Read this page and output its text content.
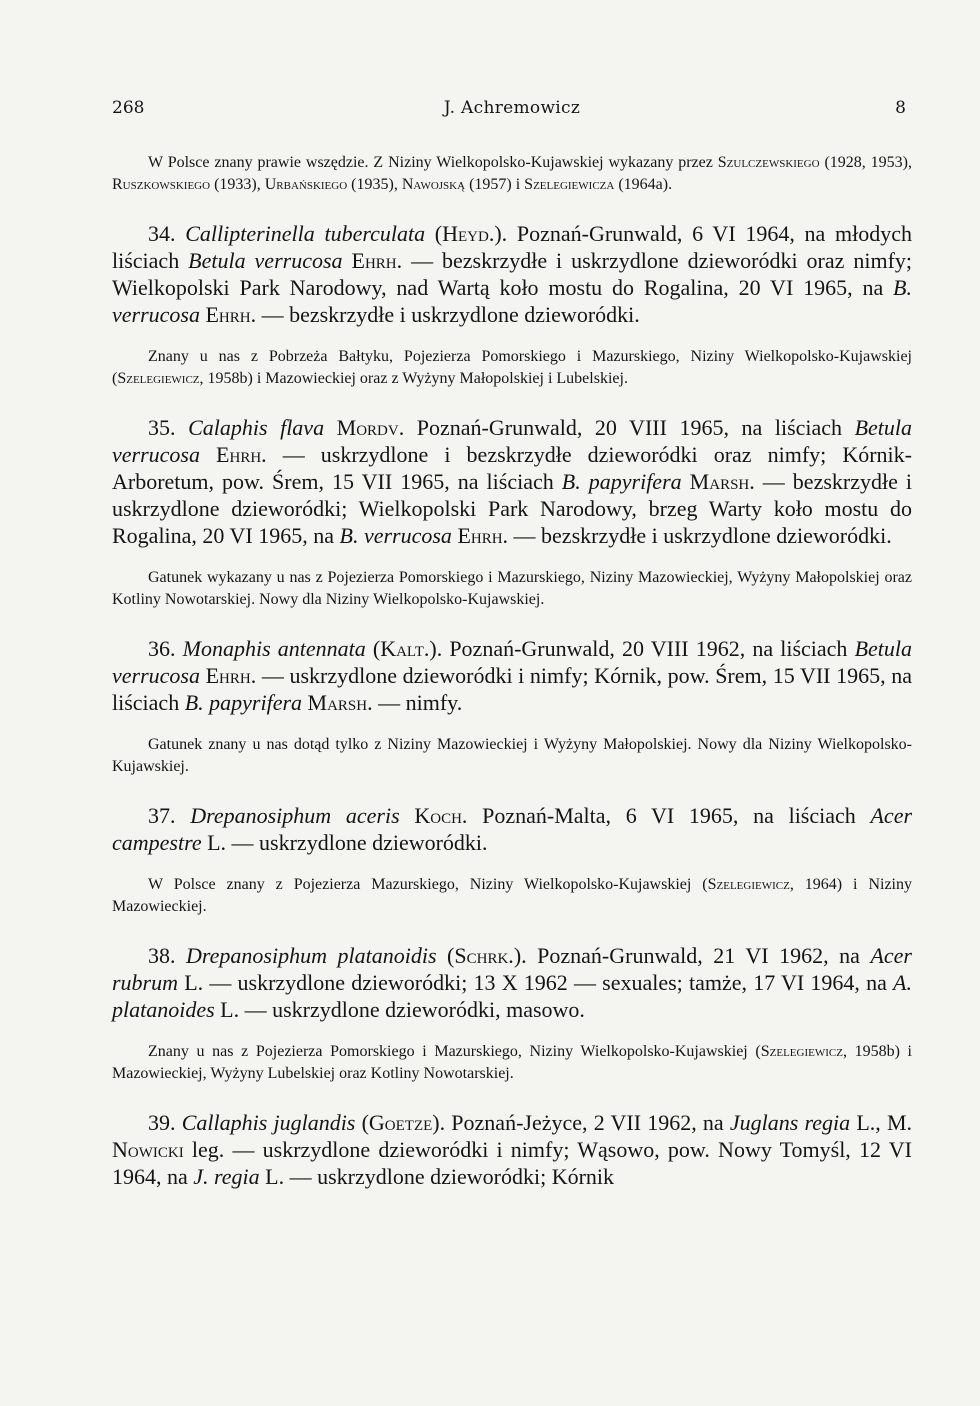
268	J. Achremowicz	8

W Polsce znany prawie wszędzie. Z Niziny Wielkopolsko-Kujawskiej wykazany przez Szulczewskiego (1928, 1953), Ruszkowskiego (1933), Urbańskiego (1935), Nawojską (1957) i Szelegiewicza (1964a).

34. Callipterinella tuberculata (Heyd.). Poznań-Grunwald, 6 VI 1964, na młodych liściach Betula verrucosa Ehrh. — bezskrzydłe i uskrzydlone dzieworódki oraz nimfy; Wielkopolski Park Narodowy, nad Wartą koło mostu do Rogalina, 20 VI 1965, na B. verrucosa Ehrh. — bezskrzydłe i uskrzydlone dzieworódki.

Znany u nas z Pobrzeża Bałtyku, Pojezierza Pomorskiego i Mazurskiego, Niziny Wielkopolsko-Kujawskiej (Szelegiewicz, 1958b) i Mazowieckiej oraz z Wyżyny Małopolskiej i Lubelskiej.

35. Calaphis flava Mordv. Poznań-Grunwald, 20 VIII 1965, na liściach Betula verrucosa Ehrh. — uskrzydlone i bezskrzydłe dzieworódki oraz nimfy; Kórnik-Arboretum, pow. Śrem, 15 VII 1965, na liściach B. papyrifera Marsh. — bezskrzydłe i uskrzydlone dzieworódki; Wielkopolski Park Narodowy, brzeg Warty koło mostu do Rogalina, 20 VI 1965, na B. verrucosa Ehrh. — bezskrzydłe i uskrzydlone dzieworódki.

Gatunek wykazany u nas z Pojezierza Pomorskiego i Mazurskiego, Niziny Mazowieckiej, Wyżyny Małopolskiej oraz Kotliny Nowotarskiej. Nowy dla Niziny Wielkopolsko-Kujawskiej.

36. Monaphis antennata (Kalt.). Poznań-Grunwald, 20 VIII 1962, na liściach Betula verrucosa Ehrh. — uskrzydlone dzieworódki i nimfy; Kórnik, pow. Śrem, 15 VII 1965, na liściach B. papyrifera Marsh. — nimfy.

Gatunek znany u nas dotąd tylko z Niziny Mazowieckiej i Wyżyny Małopolskiej. Nowy dla Niziny Wielkopolsko-Kujawskiej.

37. Drepanosiphum aceris Koch. Poznań-Malta, 6 VI 1965, na liściach Acer campestre L. — uskrzydlone dzieworódki.

W Polsce znany z Pojezierza Mazurskiego, Niziny Wielkopolsko-Kujawskiej (Szelegiewicz, 1964) i Niziny Mazowieckiej.

38. Drepanosiphum platanoidis (Schrk.). Poznań-Grunwald, 21 VI 1962, na Acer rubrum L. — uskrzydlone dzieworódki; 13 X 1962 — sexuales; tamże, 17 VI 1964, na A. platanoides L. — uskrzydlone dzieworódki, masowo.

Znany u nas z Pojezierza Pomorskiego i Mazurskiego, Niziny Wielkopolsko-Kujawskiej (Szelegiewicz, 1958b) i Mazowieckiej, Wyżyny Lubelskiej oraz Kotliny Nowotarskiej.

39. Callaphis juglandis (Goetze). Poznań-Jeżyce, 2 VII 1962, na Juglans regia L., M. Nowicki leg. — uskrzydlone dzieworódki i nimfy; Wąsowo, pow. Nowy Tomyśl, 12 VI 1964, na J. regia L. — uskrzydlone dzieworódki; Kórnik
